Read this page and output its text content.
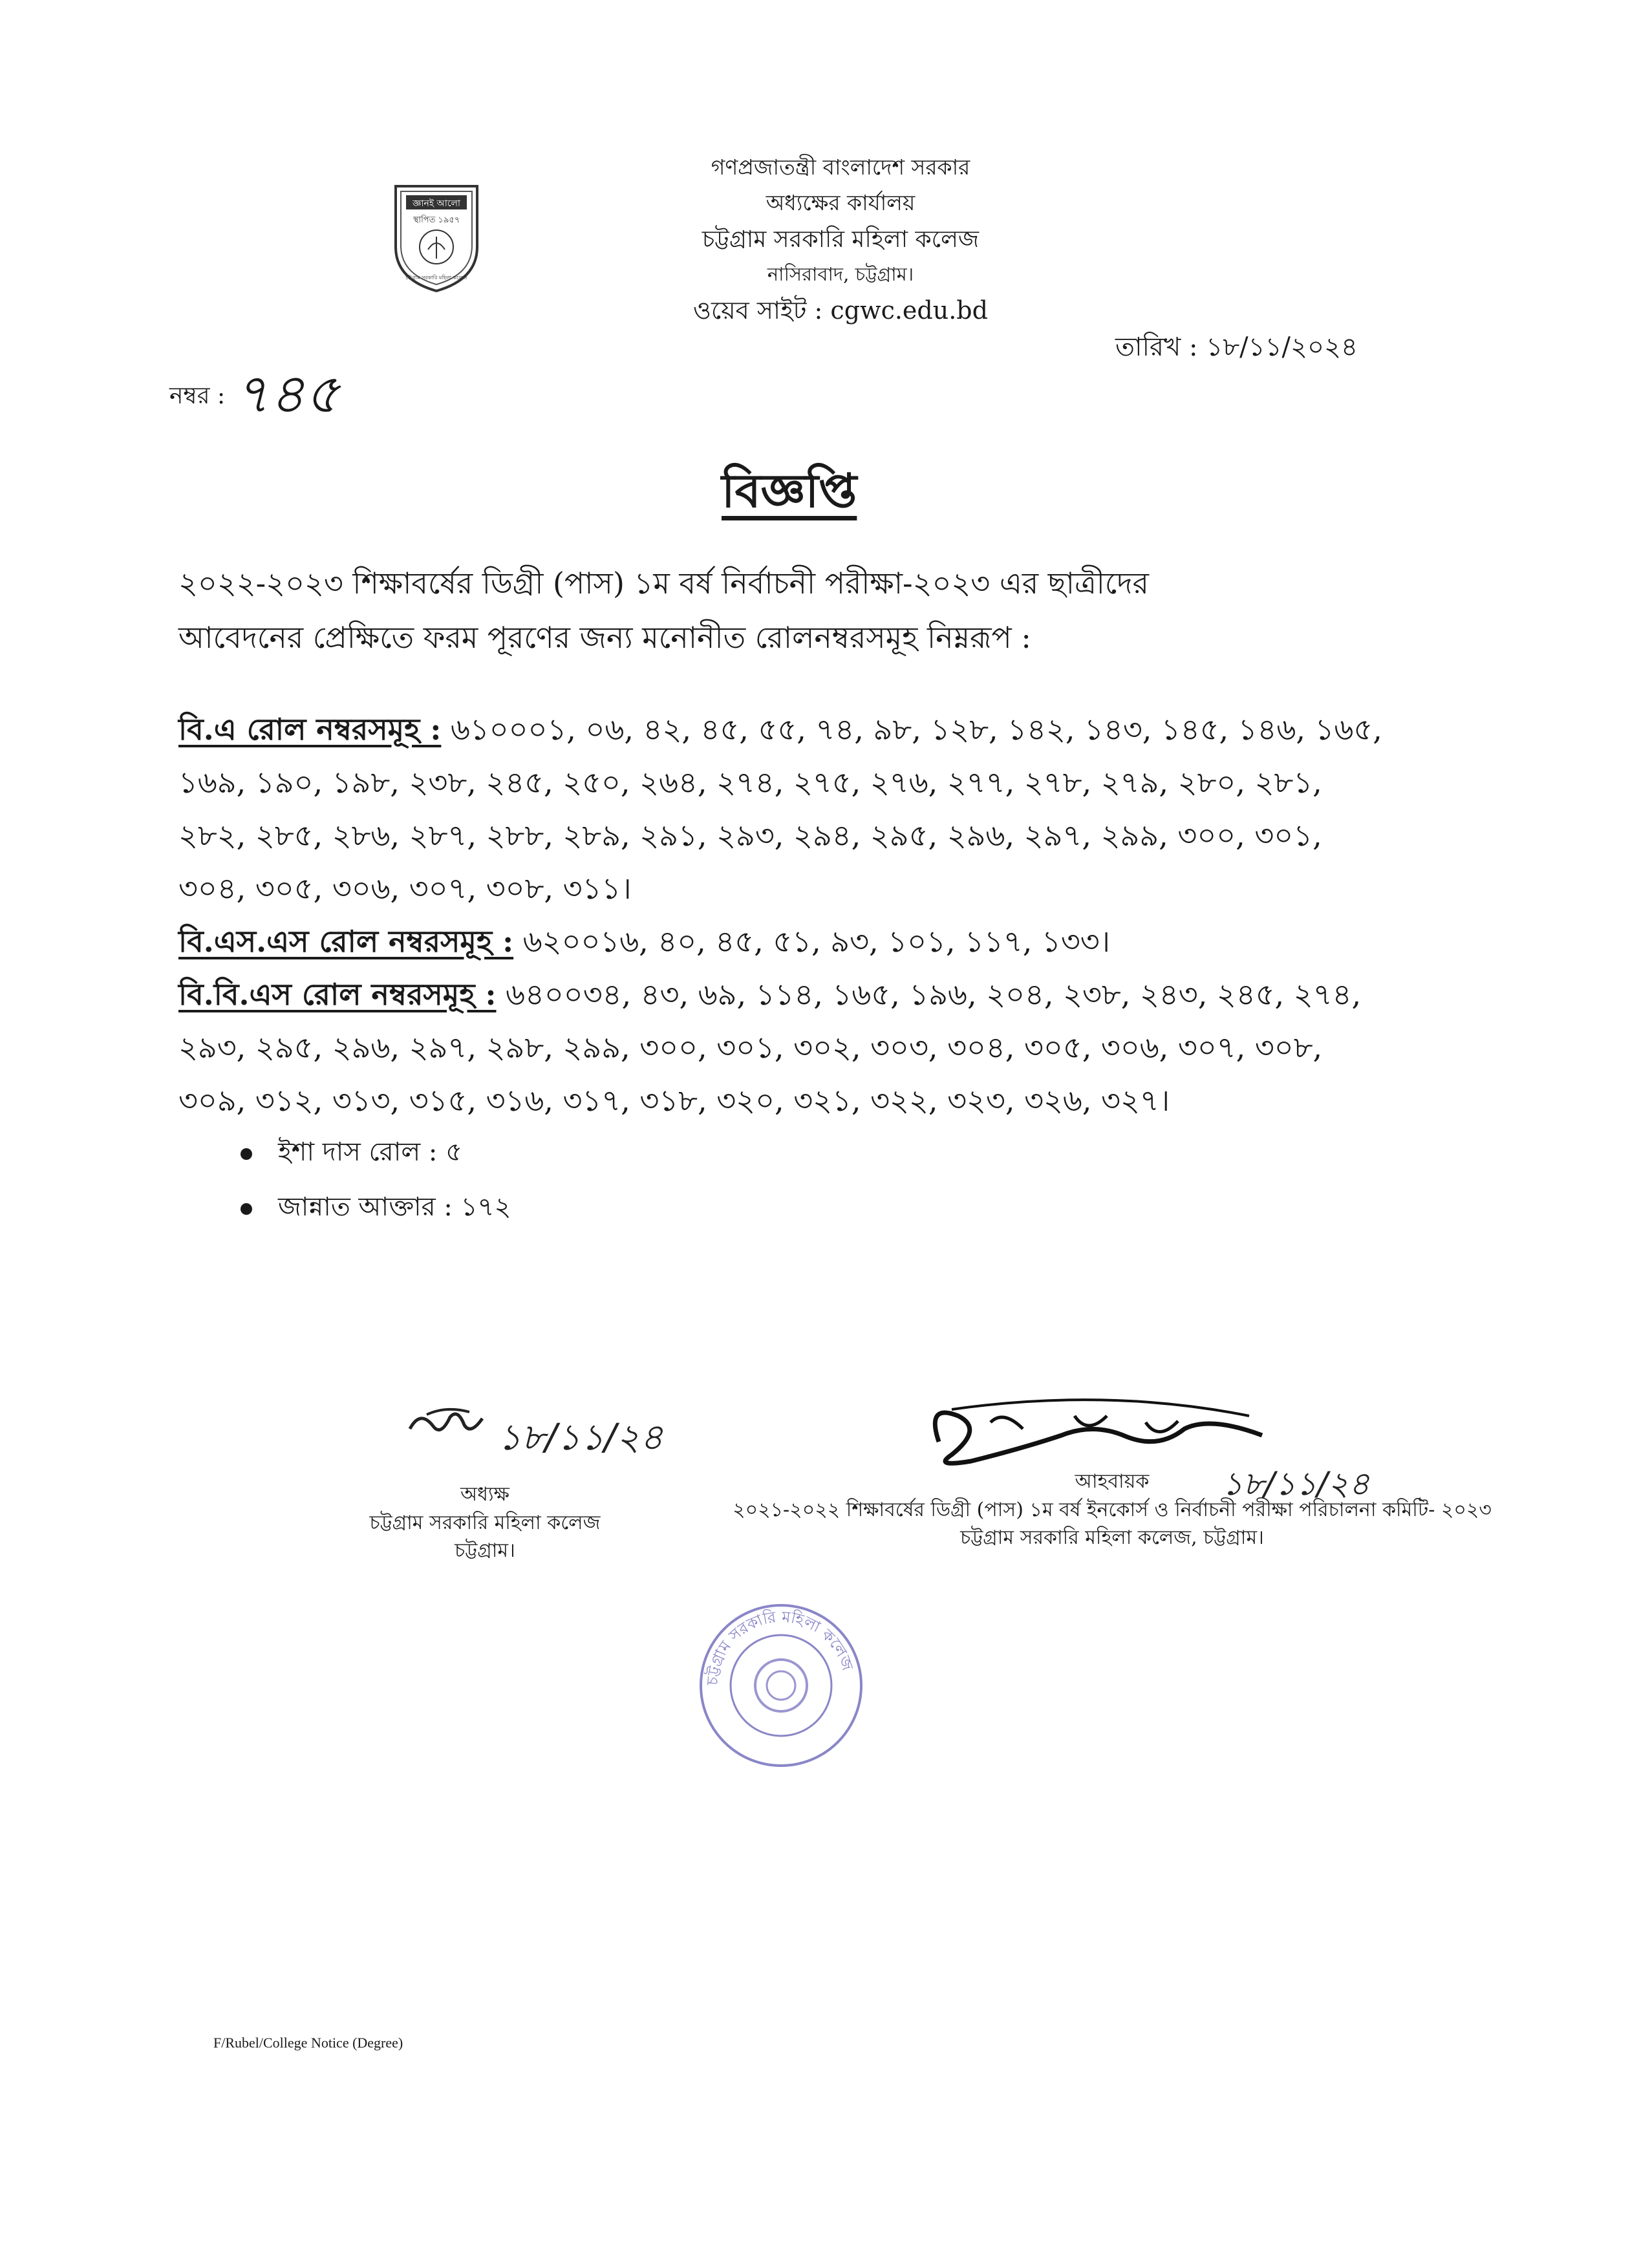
জ্ঞানই আলো
স্থাপিত ১৯৫৭
চট্টগ্রাম সরকারি মহিলা কলেজ
গণপ্রজাতন্ত্রী বাংলাদেশ সরকার
অধ্যক্ষের কার্যালয়
চট্টগ্রাম সরকারি মহিলা কলেজ
নাসিরাবাদ, চট্টগ্রাম।
ওয়েব সাইট : cgwc.edu.bd
নম্বর : ৭৪৫
তারিখ : ১৮/১১/২০২৪
বিজ্ঞপ্তি
২০২২-২০২৩ শিক্ষাবর্ষের ডিগ্রী (পাস) ১ম বর্ষ নির্বাচনী পরীক্ষা-২০২৩ এর ছাত্রীদের
আবেদনের প্রেক্ষিতে ফরম পূরণের জন্য মনোনীত রোলনম্বরসমূহ নিম্নরূপ :
বি.এ রোল নম্বরসমূহ : ৬১০০০১, ০৬, ৪২, ৪৫, ৫৫, ৭৪, ৯৮, ১২৮, ১৪২, ১৪৩, ১৪৫, ১৪৬, ১৬৫,
১৬৯, ১৯০, ১৯৮, ২৩৮, ২৪৫, ২৫০, ২৬৪, ২৭৪, ২৭৫, ২৭৬, ২৭৭, ২৭৮, ২৭৯, ২৮০, ২৮১,
২৮২, ২৮৫, ২৮৬, ২৮৭, ২৮৮, ২৮৯, ২৯১, ২৯৩, ২৯৪, ২৯৫, ২৯৬, ২৯৭, ২৯৯, ৩০০, ৩০১,
৩০৪, ৩০৫, ৩০৬, ৩০৭, ৩০৮, ৩১১।
বি.এস.এস রোল নম্বরসমূহ : ৬২০০১৬, ৪০, ৪৫, ৫১, ৯৩, ১০১, ১১৭, ১৩৩।
বি.বি.এস রোল নম্বরসমূহ : ৬৪০০৩৪, ৪৩, ৬৯, ১১৪, ১৬৫, ১৯৬, ২০৪, ২৩৮, ২৪৩, ২৪৫, ২৭৪,
২৯৩, ২৯৫, ২৯৬, ২৯৭, ২৯৮, ২৯৯, ৩০০, ৩০১, ৩০২, ৩০৩, ৩০৪, ৩০৫, ৩০৬, ৩০৭, ৩০৮,
৩০৯, ৩১২, ৩১৩, ৩১৫, ৩১৬, ৩১৭, ৩১৮, ৩২০, ৩২১, ৩২২, ৩২৩, ৩২৬, ৩২৭।
ইশা দাস রোল : ৫
জান্নাত আক্তার : ১৭২
১৮/১১/২৪
অধ্যক্ষ
চট্টগ্রাম সরকারি মহিলা কলেজ
চট্টগ্রাম।
১৮/১১/২৪
আহবায়ক
২০২১-২০২২ শিক্ষাবর্ষের ডিগ্রী (পাস) ১ম বর্ষ ইনকোর্স ও নির্বাচনী পরীক্ষা পরিচালনা কমিটি- ২০২৩
চট্টগ্রাম সরকারি মহিলা কলেজ, চট্টগ্রাম।
চট্টগ্রাম সরকারি মহিলা কলেজ
F/Rubel/College Notice (Degree)
